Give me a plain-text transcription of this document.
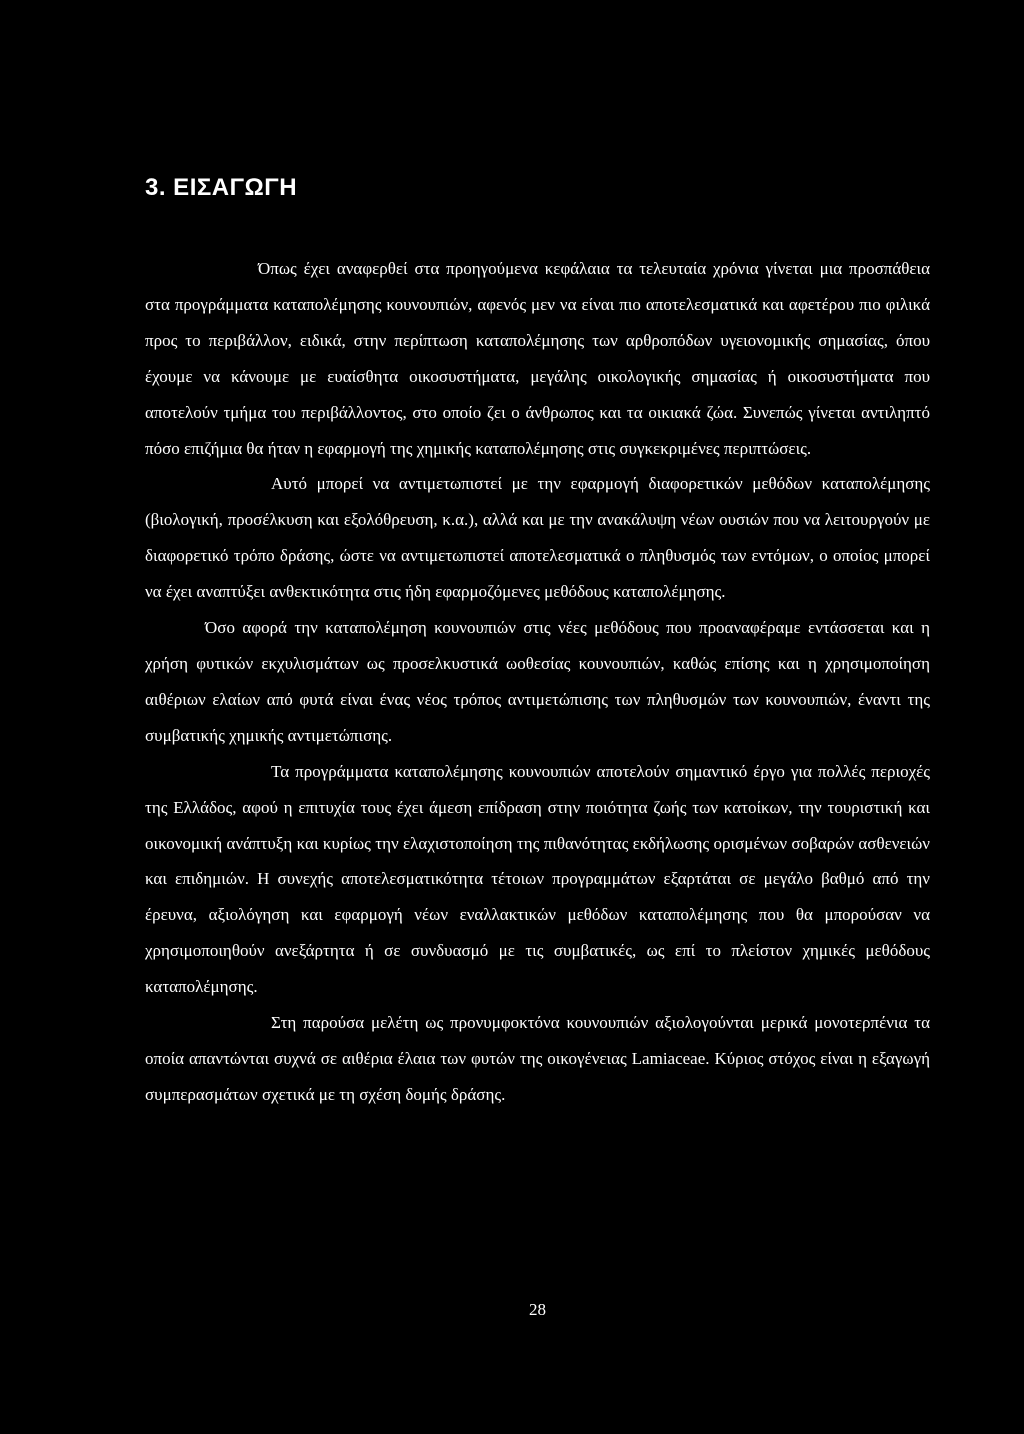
3. ΕΙΣΑΓΩΓΗ

Όπως έχει αναφερθεί στα προηγούμενα κεφάλαια τα τελευταία χρόνια γίνεται μια προσπάθεια στα προγράμματα καταπολέμησης κουνουπιών, αφενός μεν να είναι πιο αποτελεσματικά και αφετέρου πιο φιλικά προς το περιβάλλον, ειδικά, στην περίπτωση καταπολέμησης των αρθροπόδων υγειονομικής σημασίας, όπου έχουμε να κάνουμε με ευαίσθητα οικοσυστήματα, μεγάλης οικολογικής σημασίας ή οικοσυστήματα που αποτελούν τμήμα του περιβάλλοντος, στο οποίο ζει ο άνθρωπος και τα οικιακά ζώα. Συνεπώς γίνεται αντιληπτό πόσο επιζήμια θα ήταν η εφαρμογή της χημικής καταπολέμησης στις συγκεκριμένες περιπτώσεις.

Αυτό μπορεί να αντιμετωπιστεί με την εφαρμογή διαφορετικών μεθόδων καταπολέμησης (βιολογική, προσέλκυση και εξολόθρευση, κ.α.), αλλά και με την ανακάλυψη νέων ουσιών που να λειτουργούν με διαφορετικό τρόπο δράσης, ώστε να αντιμετωπιστεί αποτελεσματικά ο πληθυσμός των εντόμων, ο οποίος μπορεί να έχει αναπτύξει ανθεκτικότητα στις ήδη εφαρμοζόμενες μεθόδους καταπολέμησης.

Όσο αφορά την καταπολέμηση κουνουπιών στις νέες μεθόδους που προαναφέραμε εντάσσεται και η χρήση φυτικών εκχυλισμάτων ως προσελκυστικά ωοθεσίας κουνουπιών, καθώς επίσης και η χρησιμοποίηση αιθέριων ελαίων από φυτά είναι ένας νέος τρόπος αντιμετώπισης των πληθυσμών των κουνουπιών, έναντι της συμβατικής χημικής αντιμετώπισης.

Τα προγράμματα καταπολέμησης κουνουπιών αποτελούν σημαντικό έργο για πολλές περιοχές της Ελλάδος, αφού η επιτυχία τους έχει άμεση επίδραση στην ποιότητα ζωής των κατοίκων, την τουριστική και οικονομική ανάπτυξη και κυρίως την ελαχιστοποίηση της πιθανότητας εκδήλωσης ορισμένων σοβαρών ασθενειών και επιδημιών. Η συνεχής αποτελεσματικότητα τέτοιων προγραμμάτων εξαρτάται σε μεγάλο βαθμό από την έρευνα, αξιολόγηση και εφαρμογή νέων εναλλακτικών μεθόδων καταπολέμησης που θα μπορούσαν να χρησιμοποιηθούν ανεξάρτητα ή σε συνδυασμό με τις συμβατικές, ως επί το πλείστον χημικές μεθόδους καταπολέμησης.

Στη παρούσα μελέτη ως προνυμφοκτόνα κουνουπιών αξιολογούνται μερικά μονοτερπένια τα οποία απαντώνται συχνά σε αιθέρια έλαια των φυτών της οικογένειας Lamiaceae. Κύριος στόχος είναι η εξαγωγή συμπερασμάτων σχετικά με τη σχέση δομής δράσης.

28
